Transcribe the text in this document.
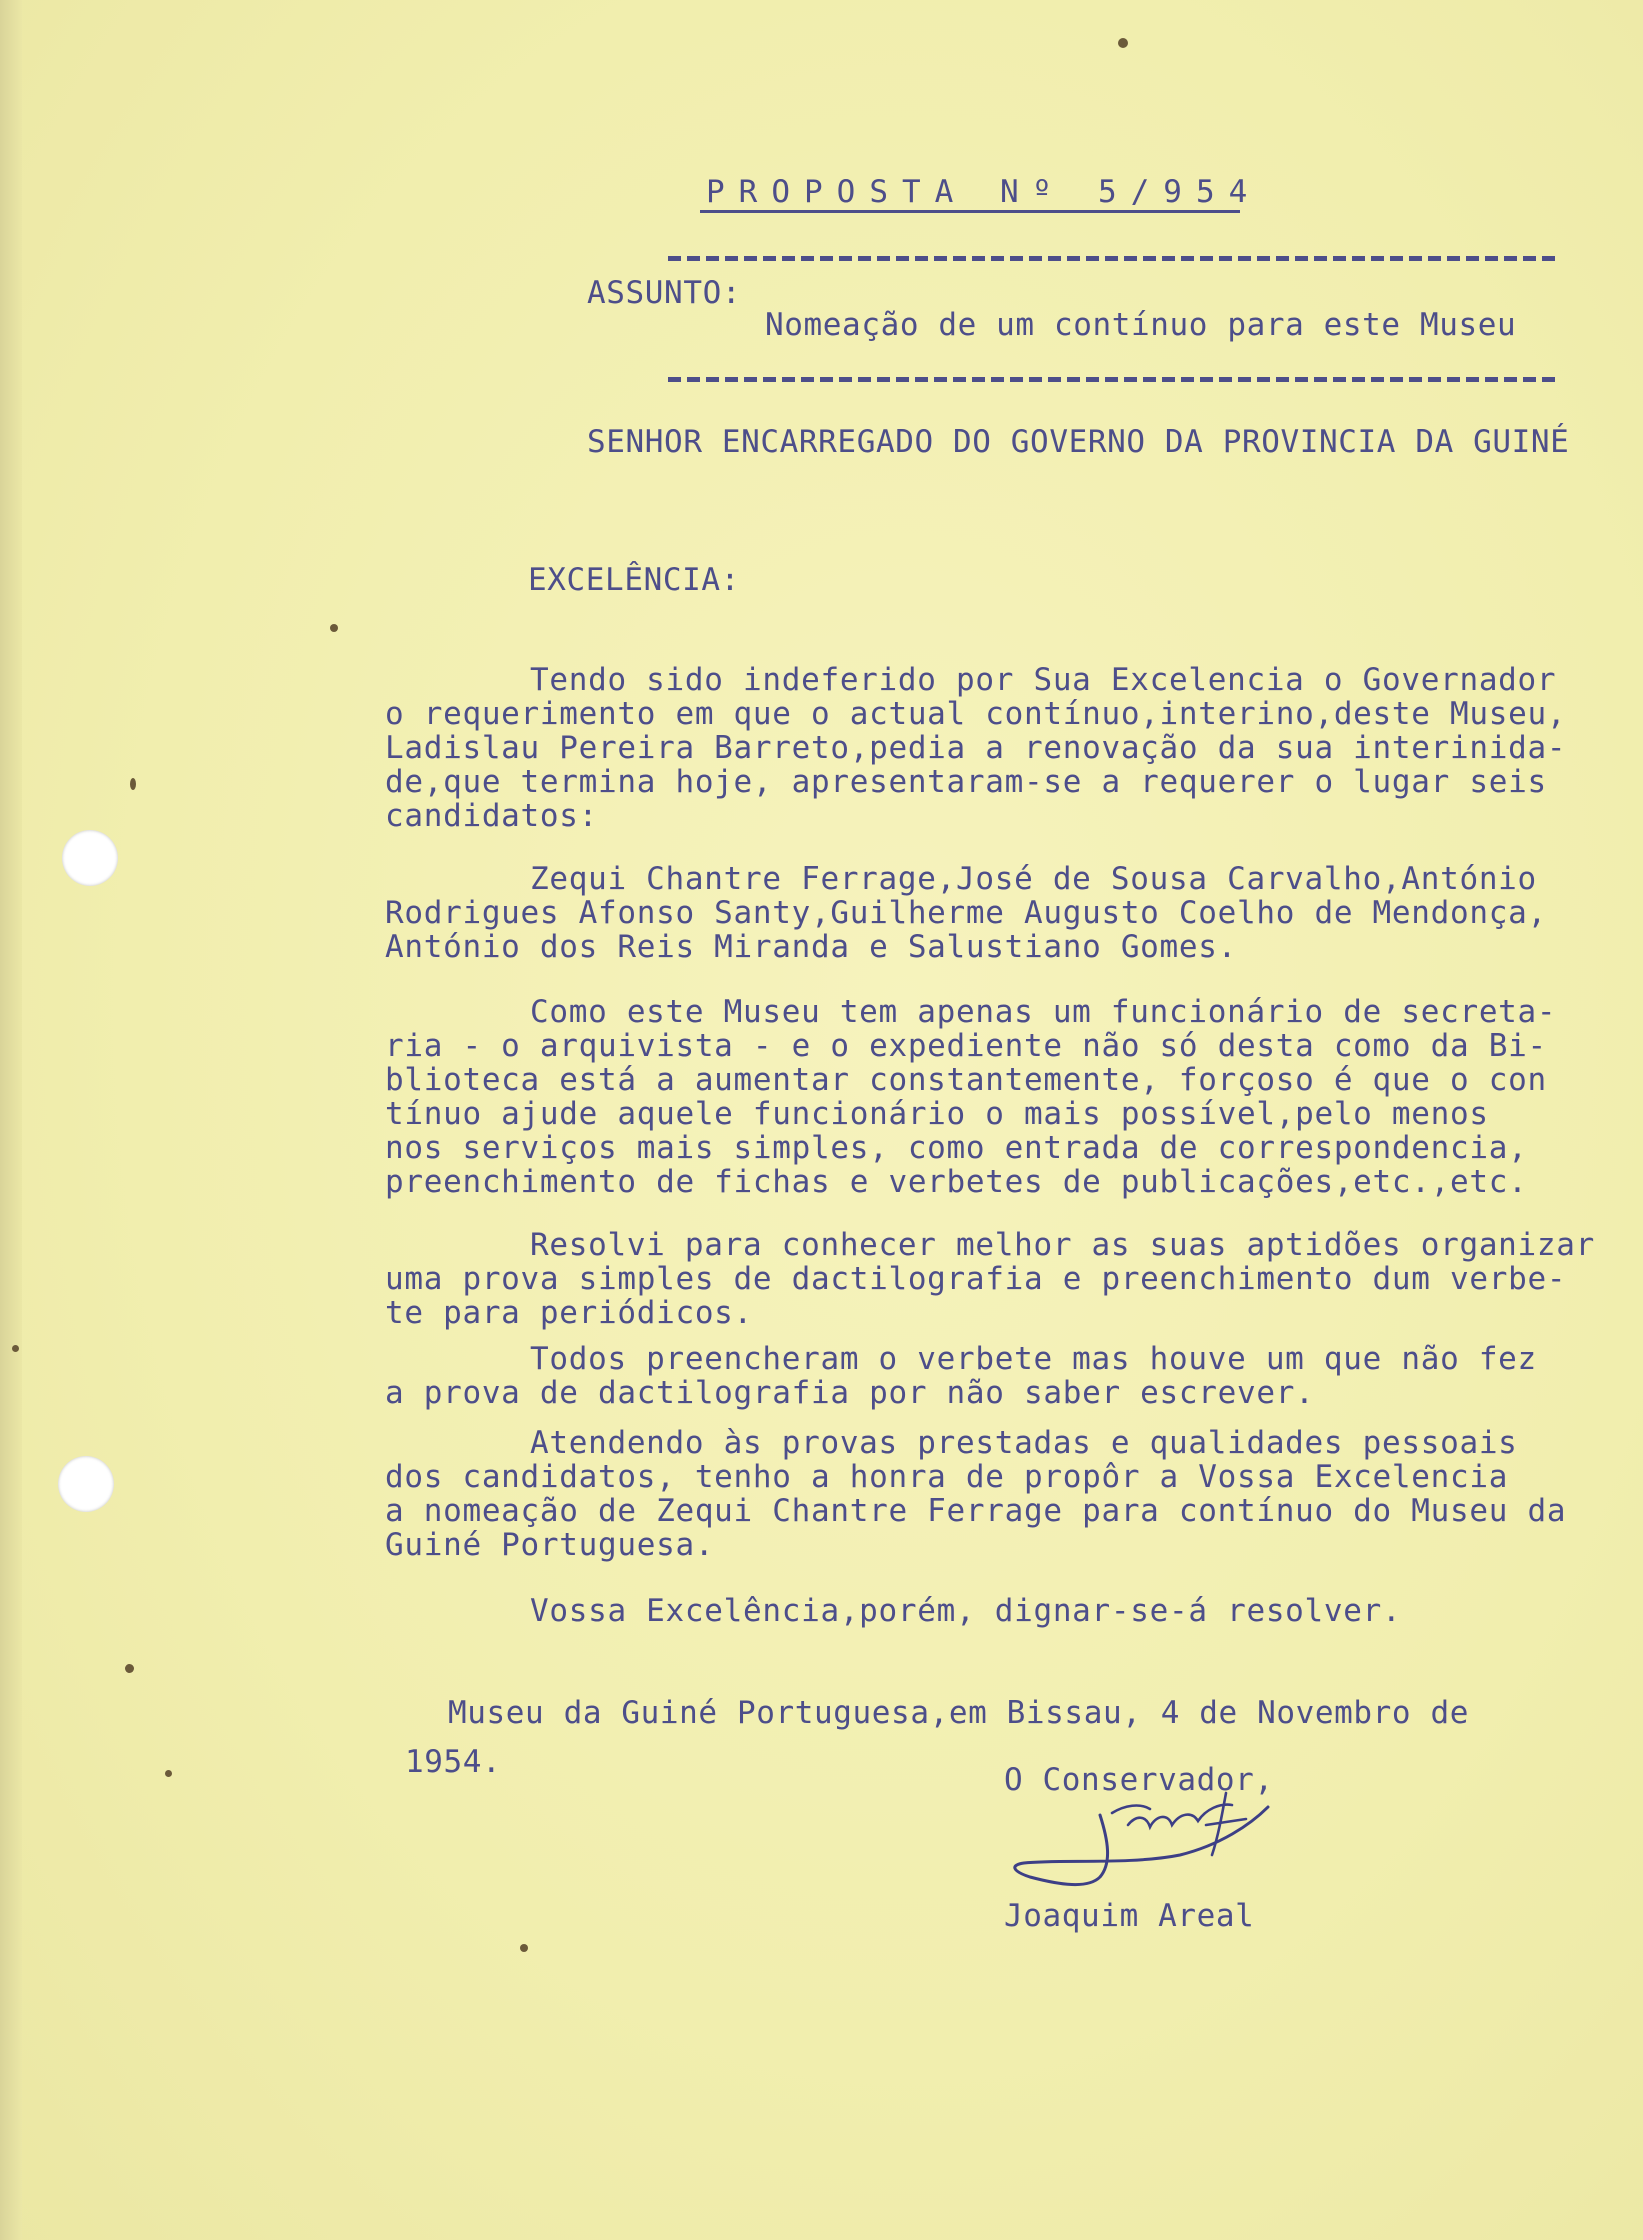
PROPOSTA Nº 5/954
ASSUNTO:
Nomeação de um contínuo para este Museu
SENHOR ENCARREGADO DO GOVERNO DA PROVINCIA DA GUINÉ
EXCELÊNCIA:
Tendo sido indeferido por Sua Excelencia o Governador
o requerimento em que o actual contínuo,interino,deste Museu,
Ladislau Pereira Barreto,pedia a renovação da sua interinida-
de,que termina hoje, apresentaram-se a requerer o lugar seis
candidatos:
Zequi Chantre Ferrage,José de Sousa Carvalho,António
Rodrigues Afonso Santy,Guilherme Augusto Coelho de Mendonça,
António dos Reis Miranda e Salustiano Gomes.
Como este Museu tem apenas um funcionário de secreta-
ria - o arquivista - e o expediente não só desta como da Bi-
blioteca está a aumentar constantemente, forçoso é que o con
tínuo ajude aquele funcionário o mais possível,pelo menos
nos serviços mais simples, como entrada de correspondencia,
preenchimento de fichas e verbetes de publicações,etc.,etc.
Resolvi para conhecer melhor as suas aptidões organizar
uma prova simples de dactilografia e preenchimento dum verbe-
te para periódicos.
Todos preencheram o verbete mas houve um que não fez
a prova de dactilografia por não saber escrever.
Atendendo às provas prestadas e qualidades pessoais
dos candidatos, tenho a honra de propôr a Vossa Excelencia
a nomeação de Zequi Chantre Ferrage para contínuo do Museu da
Guiné Portuguesa.
Vossa Excelência,porém, dignar-se-á resolver.
Museu da Guiné Portuguesa,em Bissau, 4 de Novembro de
1954.	O Conservador,
Joaquim Areal
